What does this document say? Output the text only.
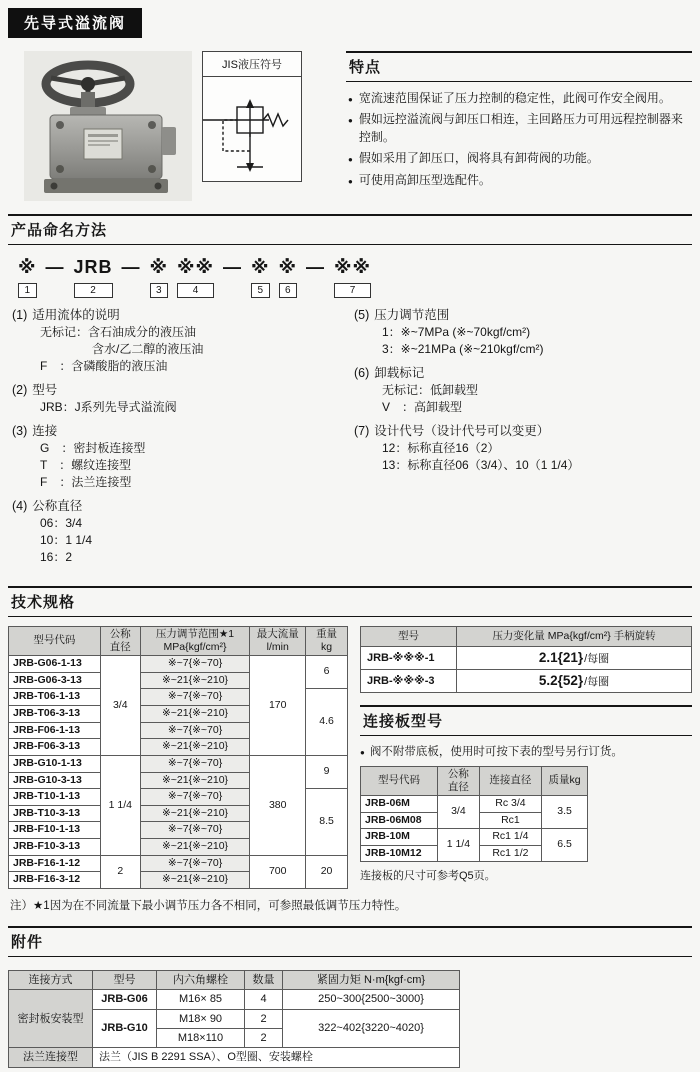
先导式溢流阀
JIS液压符号	特点
● 宽流速范围保证了压力控制的稳定性，此阀可作安全阀用。
● 假如远控溢流阀与卸压口相连，主回路压力可用远程控制器来控制。
● 假如采用了卸压口，阀将具有卸荷阀的功能。
● 可使用高卸压型选配件。
产品命名方法
※
1
— JRB
2
— ※
3
※※
4
— ※
5
※
6
— ※※
7
(1) 适用流体的说明
无标记：含石油成分的液压油
含水/乙二醇的液压油
F　：含磷酸脂的液压油
(2) 型号
JRB：J系列先导式溢流阀
(3) 连接
G　：密封板连接型
T　：螺纹连接型
F　：法兰连接型
(4) 公称直径
06：3/4
10：1 1/4
16：2
(5) 压力调节范围
1：※~7MPa (※~70kgf/cm²)
3：※~21MPa (※~210kgf/cm²)
(6) 卸载标记
无标记：低卸载型
V　：高卸载型
(7) 设计代号（设计代号可以变更）
12：标称直径16（2）
13：标称直径06（3/4）、10（1 1/4）
技术规格
型号代码	公称
直径	压力调节范围★1
MPa{kgf/cm²}	最大流量
l/min	重量
kg

JRB-G06-1-13	3/4	※~7{※~70}	170	6
JRB-G06-3-13		※~21{※~210}		
JRB-T06-1-13		※~7{※~70}		4.6
JRB-T06-3-13		※~21{※~210}		
JRB-F06-1-13		※~7{※~70}		
JRB-F06-3-13		※~21{※~210}		
JRB-G10-1-13	1 1/4	※~7{※~70}	380	9
JRB-G10-3-13		※~21{※~210}		
JRB-T10-1-13		※~7{※~70}		8.5
JRB-T10-3-13		※~21{※~210}		
JRB-F10-1-13		※~7{※~70}		
JRB-F10-3-13		※~21{※~210}		
JRB-F16-1-12	2	※~7{※~70}	700	20
JRB-F16-3-12		※~21{※~210}		
型号	压力变化量 MPa{kgf/cm²} 手柄旋转
JRB-※※※-1	2.1{21}/每圈
JRB-※※※-3	5.2{52}/每圈
连接板型号
● 阀不附带底板，使用时可按下表的型号另行订货。
型号代码	公称
直径	连接直径	质量kg
JRB-06M	3/4	Rc 3/4	3.5
JRB-06M08		Rc1	
JRB-10M	1 1/4	Rc1 1/4	6.5
JRB-10M12		Rc1 1/2	
连接板的尺寸可参考Q5页。
注）★1因为在不同流量下最小调节压力各不相同，可参照最低调节压力特性。
附件
连接方式	型号	内六角螺栓	数量	紧固力矩 N·m{kgf·cm}
密封板安装型	JRB-G06	M16× 85	4	250~300{2500~3000}
	JRB-G10	M18× 90	2	322~402{3220~4020}
		M18×110	2	
法兰连接型	法兰（JIS B 2291 SSA）、O型圈、安装螺栓			
